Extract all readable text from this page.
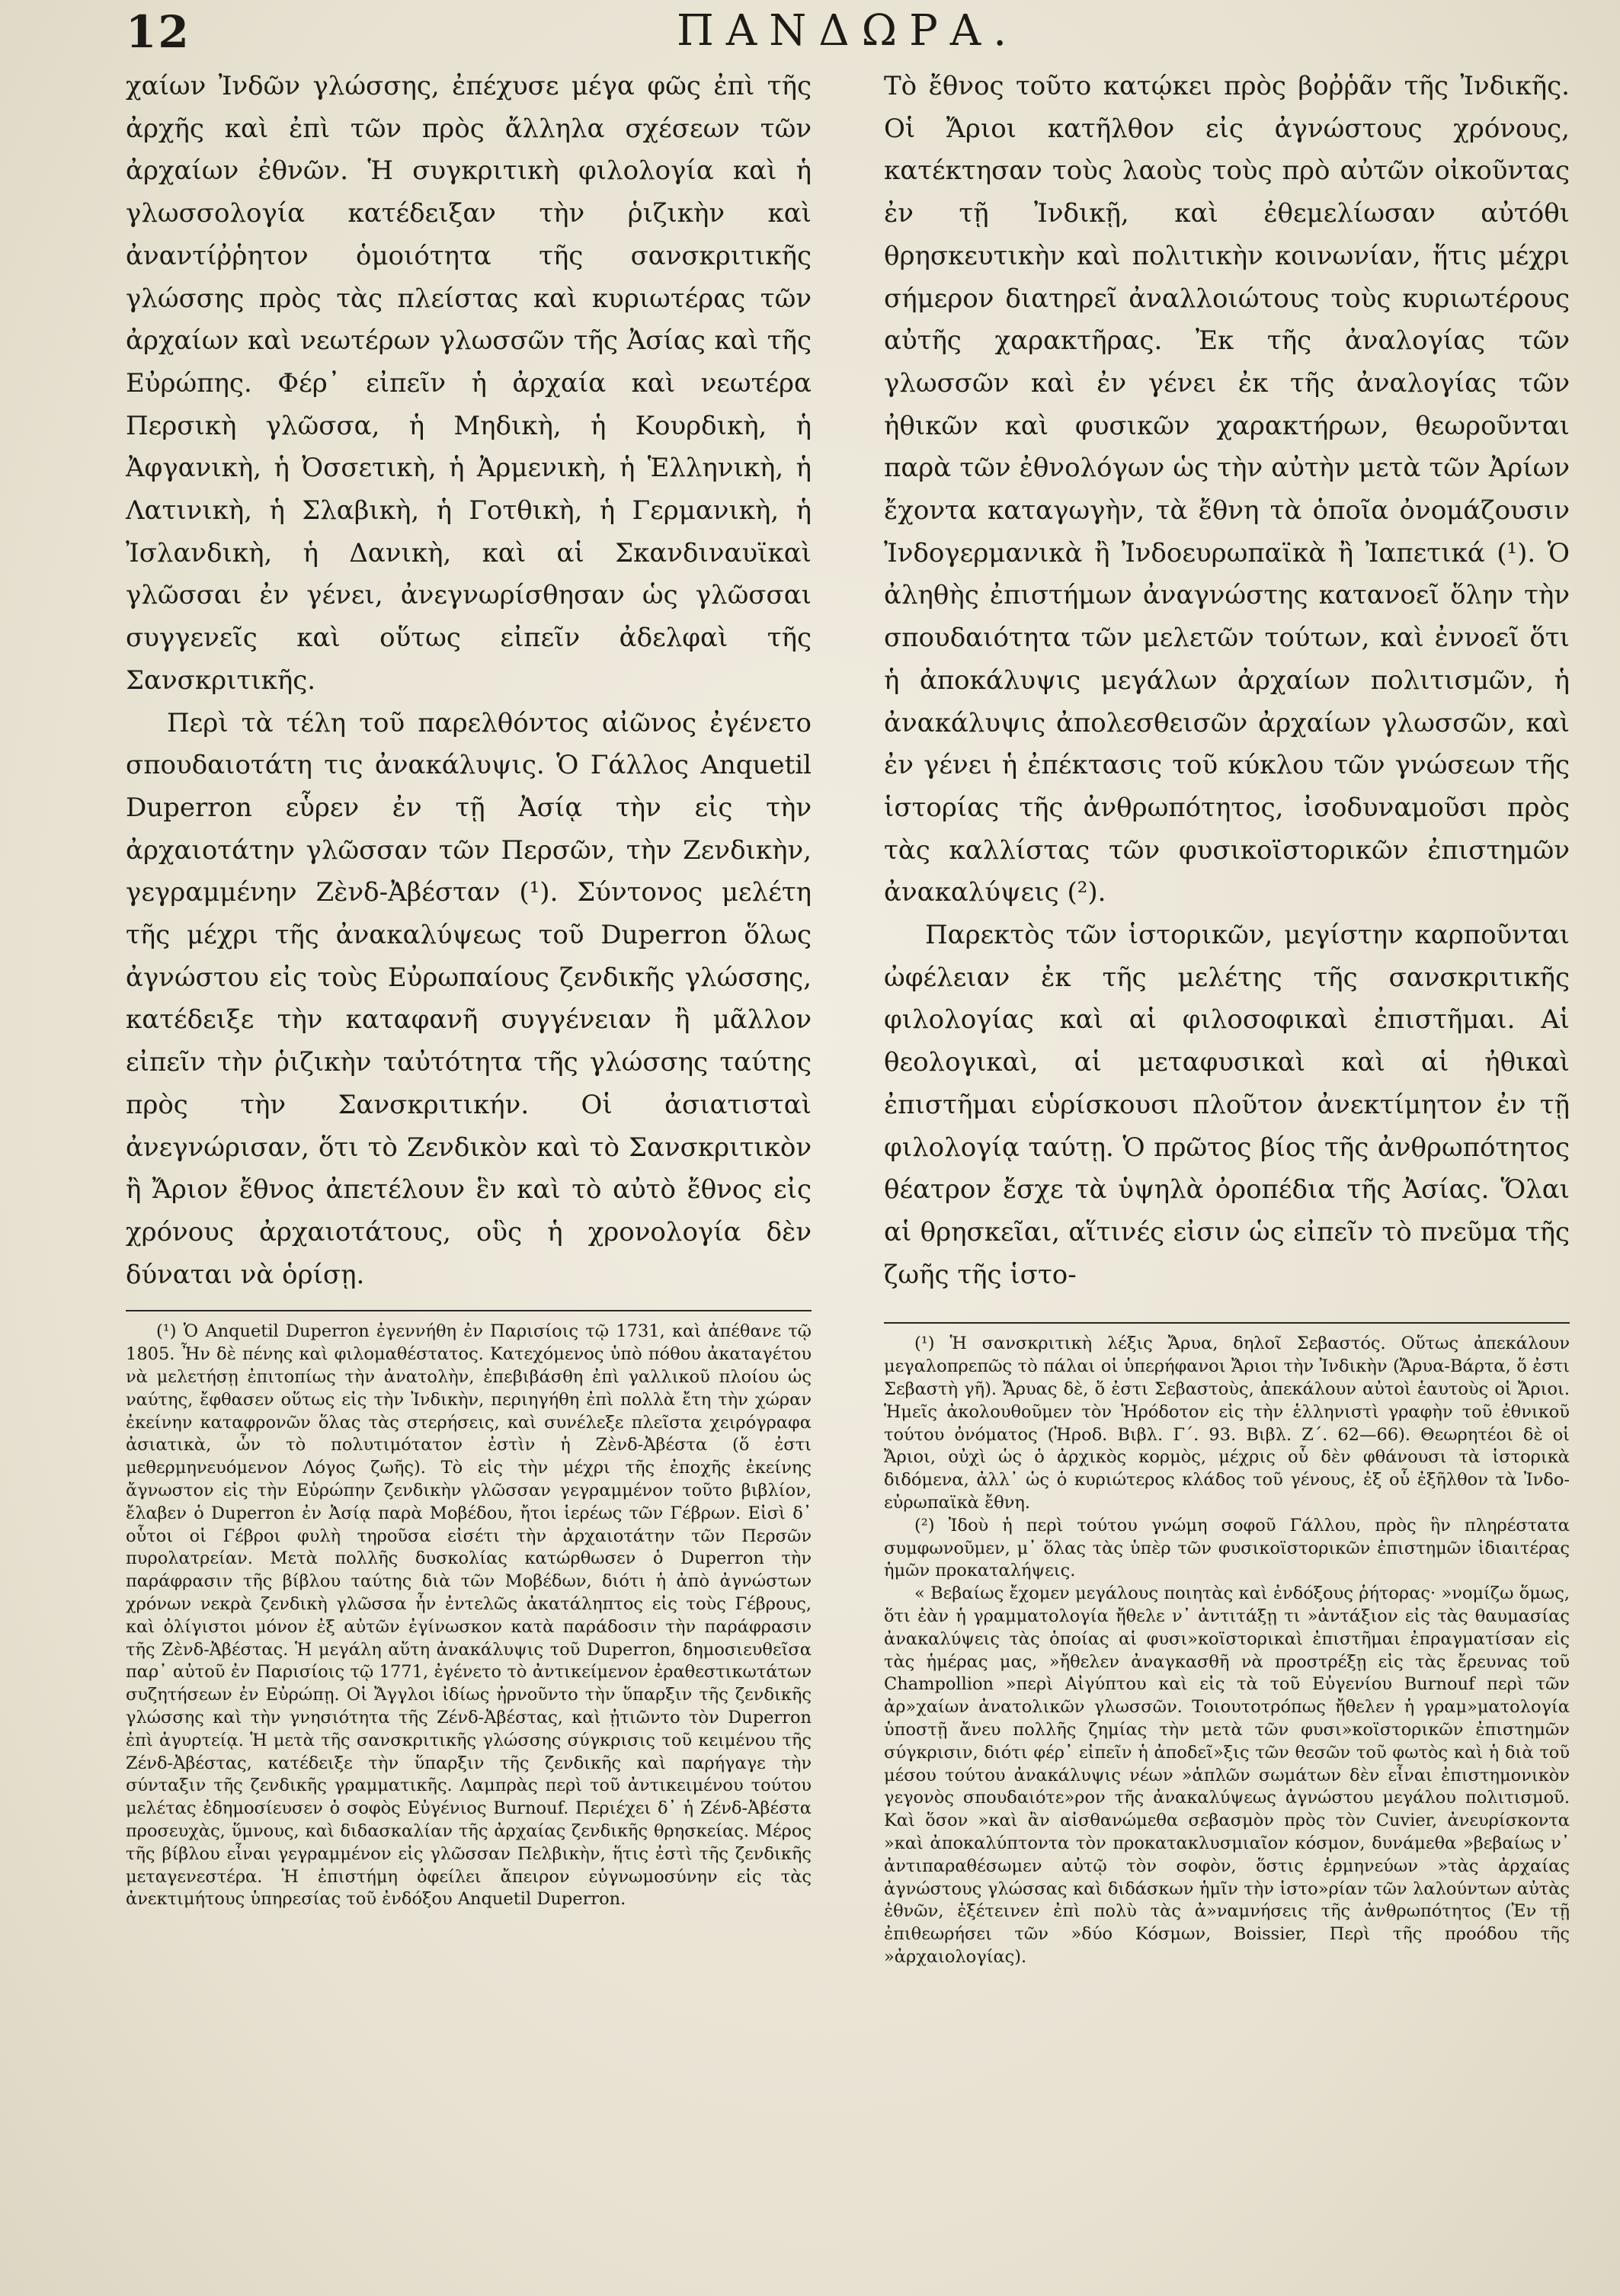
12	ΠΑΝΔΩΡΑ.

χαίων Ἰνδῶν γλώσσης, ἐπέχυσε μέγα φῶς ἐπὶ τῆς ἀρχῆς καὶ ἐπὶ τῶν πρὸς ἄλληλα σχέσεων τῶν ἀρχαίων ἐθνῶν. Ἡ συγκριτικὴ φιλολογία καὶ ἡ γλωσσολογία κατέδειξαν τὴν ῥιζικὴν καὶ ἀναντίῤῥητον ὁμοιότητα τῆς σανσκριτικῆς γλώσσης πρὸς τὰς πλείστας καὶ κυριωτέρας τῶν ἀρχαίων καὶ νεωτέρων γλωσσῶν τῆς Ἀσίας καὶ τῆς Εὐρώπης. Φέρ᾽ εἰπεῖν ἡ ἀρχαία καὶ νεωτέρα Περσικὴ γλῶσσα, ἡ Μηδικὴ, ἡ Κουρδικὴ, ἡ Ἀφγανικὴ, ἡ Ὀσσετικὴ, ἡ Ἀρμενικὴ, ἡ Ἑλληνικὴ, ἡ Λατινικὴ, ἡ Σλαβικὴ, ἡ Γοτθικὴ, ἡ Γερμανικὴ, ἡ Ἰσλανδικὴ, ἡ Δανικὴ, καὶ αἱ Σκανδιναυϊκαὶ γλῶσσαι ἐν γένει, ἀνεγνωρίσθησαν ὡς γλῶσσαι συγγενεῖς καὶ οὕτως εἰπεῖν ἀδελφαὶ τῆς Σανσκριτικῆς.

Περὶ τὰ τέλη τοῦ παρελθόντος αἰῶνος ἐγένετο σπουδαιοτάτη τις ἀνακάλυψις. Ὁ Γάλλος Anquetil Duperron εὗρεν ἐν τῇ Ἀσίᾳ τὴν εἰς τὴν ἀρχαιοτάτην γλῶσσαν τῶν Περσῶν, τὴν Ζενδικὴν, γεγραμμένην Ζὲνδ-Ἀβέσταν (¹). Σύντονος μελέτη τῆς μέχρι τῆς ἀνακαλύψεως τοῦ Duperron ὅλως ἀγνώστου εἰς τοὺς Εὐρωπαίους ζενδικῆς γλώσσης, κατέδειξε τὴν καταφανῆ συγγένειαν ἢ μᾶλλον εἰπεῖν τὴν ῥιζικὴν ταὐτότητα τῆς γλώσσης ταύτης πρὸς τὴν Σανσκριτικήν. Οἱ ἀσιατισταὶ ἀνεγνώρισαν, ὅτι τὸ Ζενδικὸν καὶ τὸ Σανσκριτικὸν ἢ Ἄριον ἔθνος ἀπετέλουν ἓν καὶ τὸ αὐτὸ ἔθνος εἰς χρόνους ἀρχαιοτάτους, οὓς ἡ χρονολογία δὲν δύναται νὰ ὁρίσῃ.

(¹) Ὁ Anquetil Duperron ἐγεννήθη ἐν Παρισίοις τῷ 1731, καὶ ἀπέθανε τῷ 1805. Ἦν δὲ πένης καὶ φιλομαθέστατος. Κατεχόμενος ὑπὸ πόθου ἀκαταγέτου νὰ μελετήσῃ ἐπιτοπίως τὴν ἀνατολὴν, ἐπεβιβάσθη ἐπὶ γαλλικοῦ πλοίου ὡς ναύτης, ἔφθασεν οὕτως εἰς τὴν Ἰνδικὴν, περιηγήθη ἐπὶ πολλὰ ἔτη τὴν χώραν ἐκείνην καταφρονῶν ὅλας τὰς στερήσεις, καὶ συνέλεξε πλεῖστα χειρόγραφα ἀσιατικὰ, ὧν τὸ πολυτιμότατον ἐστὶν ἡ Ζὲνδ-Ἀβέστα (ὅ ἐστι μεθερμηνευόμενον Λόγος ζωῆς). Τὸ εἰς τὴν μέχρι τῆς ἐποχῆς ἐκείνης ἄγνωστον εἰς τὴν Εὐρώπην ζενδικὴν γλῶσσαν γεγραμμένον τοῦτο βιβλίον, ἔλαβεν ὁ Duperron ἐν Ἀσίᾳ παρὰ Μοβέδου, ἤτοι ἱερέως τῶν Γέβρων. Εἰσὶ δ᾽ οὗτοι οἱ Γέβροι φυλὴ τηροῦσα εἰσέτι τὴν ἀρχαιοτάτην τῶν Περσῶν πυρολατρείαν. Μετὰ πολλῆς δυσκολίας κατώρθωσεν ὁ Duperron τὴν παράφρασιν τῆς βίβλου ταύτης διὰ τῶν Μοβέδων, διότι ἡ ἀπὸ ἀγνώστων χρόνων νεκρὰ ζενδικὴ γλῶσσα ἦν ἐντελῶς ἀκατάληπτος εἰς τοὺς Γέβρους, καὶ ὀλίγιστοι μόνον ἐξ αὐτῶν ἐγίνωσκον κατὰ παράδοσιν τὴν παράφρασιν τῆς Ζὲνδ-Ἀβέστας. Ἡ μεγάλη αὕτη ἀνακάλυψις τοῦ Duperron, δημοσιευθεῖσα παρ᾽ αὐτοῦ ἐν Παρισίοις τῷ 1771, ἐγένετο τὸ ἀντικείμενον ἐραθεστικωτάτων συζητήσεων ἐν Εὐρώπῃ. Οἱ Ἄγγλοι ἰδίως ἠρνοῦντο τὴν ὕπαρξιν τῆς ζενδικῆς γλώσσης καὶ τὴν γνησιότητα τῆς Ζένδ-Ἀβέστας, καὶ ᾐτιῶντο τὸν Duperron ἐπὶ ἀγυρτείᾳ. Ἡ μετὰ τῆς σανσκριτικῆς γλώσσης σύγκρισις τοῦ κειμένου τῆς Ζένδ-Ἀβέστας, κατέδειξε τὴν ὕπαρξιν τῆς ζενδικῆς καὶ παρήγαγε τὴν σύνταξιν τῆς ζενδικῆς γραμματικῆς. Λαμπρὰς περὶ τοῦ ἀντικειμένου τούτου μελέτας ἐδημοσίευσεν ὁ σοφὸς Εὐγένιος Burnouf. Περιέχει δ᾽ ἡ Ζένδ-Ἀβέστα προσευχὰς, ὕμνους, καὶ διδασκαλίαν τῆς ἀρχαίας ζενδικῆς θρησκείας. Μέρος τῆς βίβλου εἶναι γεγραμμένον εἰς γλῶσσαν Πελβικὴν, ἥτις ἐστὶ τῆς ζενδικῆς μεταγενεστέρα. Ἡ ἐπιστήμη ὀφείλει ἄπειρον εὐγνωμοσύνην εἰς τὰς ἀνεκτιμήτους ὑπηρεσίας τοῦ ἐνδόξου Anquetil Duperron.

Τὸ ἔθνος τοῦτο κατῴκει πρὸς βοῤῥᾶν τῆς Ἰνδικῆς. Οἱ Ἄριοι κατῆλθον εἰς ἀγνώστους χρόνους, κατέκτησαν τοὺς λαοὺς τοὺς πρὸ αὐτῶν οἰκοῦντας ἐν τῇ Ἰνδικῇ, καὶ ἐθεμελίωσαν αὐτόθι θρησκευτικὴν καὶ πολιτικὴν κοινωνίαν, ἥτις μέχρι σήμερον διατηρεῖ ἀναλλοιώτους τοὺς κυριωτέρους αὐτῆς χαρακτῆρας. Ἐκ τῆς ἀναλογίας τῶν γλωσσῶν καὶ ἐν γένει ἐκ τῆς ἀναλογίας τῶν ἠθικῶν καὶ φυσικῶν χαρακτήρων, θεωροῦνται παρὰ τῶν ἐθνολόγων ὡς τὴν αὐτὴν μετὰ τῶν Ἀρίων ἔχοντα καταγωγὴν, τὰ ἔθνη τὰ ὁποῖα ὀνομάζουσιν Ἰνδογερμανικὰ ἢ Ἰνδοευρωπαϊκὰ ἢ Ἰαπετικά (¹). Ὁ ἀληθὴς ἐπιστήμων ἀναγνώστης κατανοεῖ ὅλην τὴν σπουδαιότητα τῶν μελετῶν τούτων, καὶ ἐννοεῖ ὅτι ἡ ἀποκάλυψις μεγάλων ἀρχαίων πολιτισμῶν, ἡ ἀνακάλυψις ἀπολεσθεισῶν ἀρχαίων γλωσσῶν, καὶ ἐν γένει ἡ ἐπέκτασις τοῦ κύκλου τῶν γνώσεων τῆς ἱστορίας τῆς ἀνθρωπότητος, ἰσοδυναμοῦσι πρὸς τὰς καλλίστας τῶν φυσικοϊστορικῶν ἐπιστημῶν ἀνακαλύψεις (²).

Παρεκτὸς τῶν ἱστορικῶν, μεγίστην καρποῦνται ὠφέλειαν ἐκ τῆς μελέτης τῆς σανσκριτικῆς φιλολογίας καὶ αἱ φιλοσοφικαὶ ἐπιστῆμαι. Αἱ θεολογικαὶ, αἱ μεταφυσικαὶ καὶ αἱ ἠθικαὶ ἐπιστῆμαι εὑρίσκουσι πλοῦτον ἀνεκτίμητον ἐν τῇ φιλολογίᾳ ταύτῃ. Ὁ πρῶτος βίος τῆς ἀνθρωπότητος θέατρον ἔσχε τὰ ὑψηλὰ ὀροπέδια τῆς Ἀσίας. Ὅλαι αἱ θρησκεῖαι, αἵτινές εἰσιν ὡς εἰπεῖν τὸ πνεῦμα τῆς ζωῆς τῆς ἱστο-

(¹) Ἡ σανσκριτικὴ λέξις Ἄρυα, δηλοῖ Σεβαστός. Οὕτως ἀπεκάλουν μεγαλοπρεπῶς τὸ πάλαι οἱ ὑπερήφανοι Ἄριοι τὴν Ἰνδικὴν (Ἄρυα-Βάρτα, ὅ ἐστι Σεβαστὴ γῆ). Ἄρυας δὲ, ὅ ἐστι Σεβαστοὺς, ἀπεκάλουν αὐτοὶ ἑαυτοὺς οἱ Ἄριοι. Ἡμεῖς ἀκολουθοῦμεν τὸν Ἡρόδοτον εἰς τὴν ἑλληνιστὶ γραφὴν τοῦ ἐθνικοῦ τούτου ὀνόματος (Ἡροδ. Βιβλ. Γ΄. 93. Βιβλ. Ζ΄. 62—66). Θεωρητέοι δὲ οἱ Ἄριοι, οὐχὶ ὡς ὁ ἀρχικὸς κορμὸς, μέχρις οὗ δὲν φθάνουσι τὰ ἱστορικὰ διδόμενα, ἀλλ᾽ ὡς ὁ κυριώτερος κλάδος τοῦ γένους, ἐξ οὗ ἐξῆλθον τὰ Ἰνδο-εὐρωπαϊκὰ ἔθνη.

(²) Ἰδοὺ ἡ περὶ τούτου γνώμη σοφοῦ Γάλλου, πρὸς ἣν πληρέστατα συμφωνοῦμεν, μ᾽ ὅλας τὰς ὑπὲρ τῶν φυσικοϊστορικῶν ἐπιστημῶν ἰδιαιτέρας ἡμῶν προκαταλήψεις.

« Βεβαίως ἔχομεν μεγάλους ποιητὰς καὶ ἐνδόξους ῥήτορας· »νομίζω ὅμως, ὅτι ἐὰν ἡ γραμματολογία ἤθελε ν᾽ ἀντιτάξῃ τι »ἀντάξιον εἰς τὰς θαυμασίας ἀνακαλύψεις τὰς ὁποίας αἱ φυσι»κοϊστορικαὶ ἐπιστῆμαι ἐπραγματίσαν εἰς τὰς ἡμέρας μας, »ἤθελεν ἀναγκασθῆ νὰ προστρέξῃ εἰς τὰς ἔρευνας τοῦ Champollion »περὶ Αἰγύπτου καὶ εἰς τὰ τοῦ Εὐγενίου Burnouf περὶ τῶν ἀρ»χαίων ἀνατολικῶν γλωσσῶν. Τοιουτοτρόπως ἤθελεν ἡ γραμ»ματολογία ὑποστῇ ἄνευ πολλῆς ζημίας τὴν μετὰ τῶν φυσι»κοϊστορικῶν ἐπιστημῶν σύγκρισιν, διότι φέρ᾽ εἰπεῖν ἡ ἀποδεῖ»ξις τῶν θεσῶν τοῦ φωτὸς καὶ ἡ διὰ τοῦ μέσου τούτου ἀνακάλυψις νέων »ἁπλῶν σωμάτων δὲν εἶναι ἐπιστημονικὸν γεγονὸς σπουδαιότε»ρον τῆς ἀνακαλύψεως ἀγνώστου μεγάλου πολιτισμοῦ. Καὶ ὅσον »καὶ ἂν αἰσθανώμεθα σεβασμὸν πρὸς τὸν Cuvier, ἀνευρίσκοντα »καὶ ἀποκαλύπτοντα τὸν προκατακλυσμιαῖον κόσμον, δυνάμεθα »βεβαίως ν᾽ ἀντιπαραθέσωμεν αὐτῷ τὸν σοφὸν, ὅστις ἑρμηνεύων »τὰς ἀρχαίας ἀγνώστους γλώσσας καὶ διδάσκων ἡμῖν τὴν ἱστο»ρίαν τῶν λαλούντων αὐτὰς ἐθνῶν, ἐξέτεινεν ἐπὶ πολὺ τὰς ἀ»ναμνήσεις τῆς ἀνθρωπότητος (Ἐν τῇ ἐπιθεωρήσει τῶν »δύο Κόσμων, Boissier, Περὶ τῆς προόδου τῆς »ἀρχαιολογίας).
